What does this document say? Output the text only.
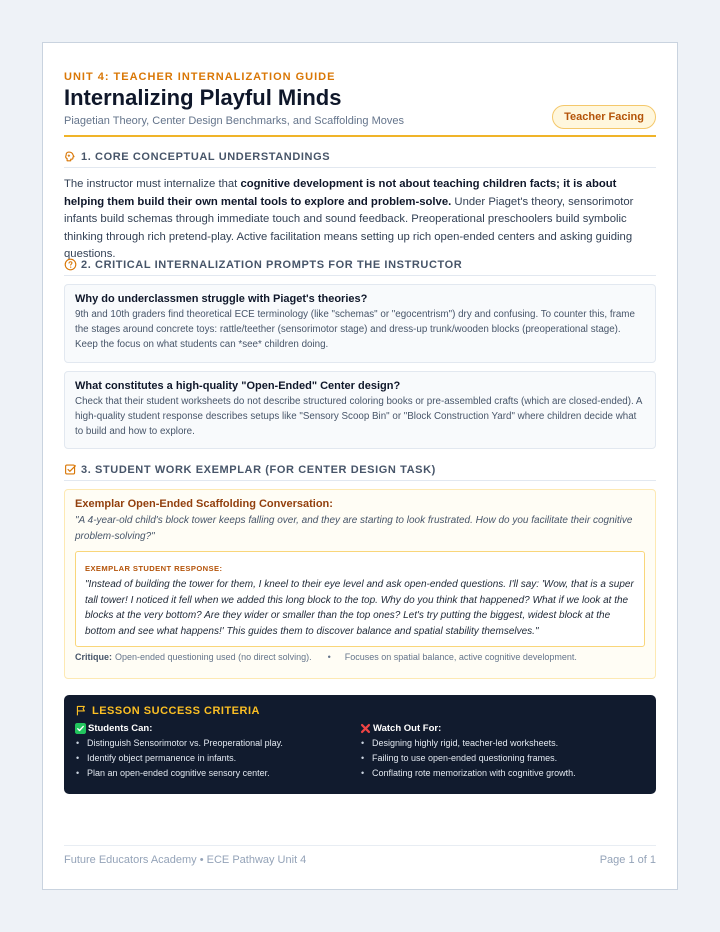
UNIT 4: TEACHER INTERNALIZATION GUIDE
Internalizing Playful Minds
Piagetian Theory, Center Design Benchmarks, and Scaffolding Moves	Teacher Facing
1. CORE CONCEPTUAL UNDERSTANDINGS

The instructor must internalize that cognitive development is not about teaching children facts; it is about helping them build their own mental tools to explore and problem-solve. Under Piaget's theory, sensorimotor infants build schemas through immediate touch and sound feedback. Preoperational preschoolers build symbolic thinking through rich pretend-play. Active facilitation means setting up rich open-ended centers and asking guiding questions.

2. CRITICAL INTERNALIZATION PROMPTS FOR THE INSTRUCTOR
Why do underclassmen struggle with Piaget's theories?
9th and 10th graders find theoretical ECE terminology (like "schemas" or "egocentrism") dry and confusing. To counter this, frame the stages around concrete toys: rattle/teether (sensorimotor stage) and dress-up trunk/wooden blocks (preoperational stage). Keep the focus on what students can *see* children doing.
What constitutes a high-quality "Open-Ended" Center design?
Check that their student worksheets do not describe structured coloring books or pre-assembled crafts (which are closed-ended). A high-quality student response describes setups like "Sensory Scoop Bin" or "Block Construction Yard" where children decide what to build and how to explore.
3. STUDENT WORK EXEMPLAR (FOR CENTER DESIGN TASK)
Exemplar Open-Ended Scaffolding Conversation:
"A 4-year-old child's block tower keeps falling over, and they are starting to look frustrated. How do you facilitate their cognitive problem-solving?"
EXEMPLAR STUDENT RESPONSE:
"Instead of building the tower for them, I kneel to their eye level and ask open-ended questions. I'll say: 'Wow, that is a super tall tower! I noticed it fell when we added this long block to the top. Why do you think that happened? What if we look at the blocks at the very bottom? Are they wider or smaller than the top ones? Let's try putting the biggest, widest block at the bottom and see what happens!' This guides them to discover balance and spatial stability themselves."
Critique: Open-ended questioning used (no direct solving). • Focuses on spatial balance, active cognitive development.
LESSON SUCCESS CRITERIA
Students Can:
• Distinguish Sensorimotor vs. Preoperational play.
• Identify object permanence in infants.
• Plan an open-ended cognitive sensory center.
Watch Out For:
• Designing highly rigid, teacher-led worksheets.
• Failing to use open-ended questioning frames.
• Conflating rote memorization with cognitive growth.
Future Educators Academy • ECE Pathway Unit 4	Page 1 of 1
